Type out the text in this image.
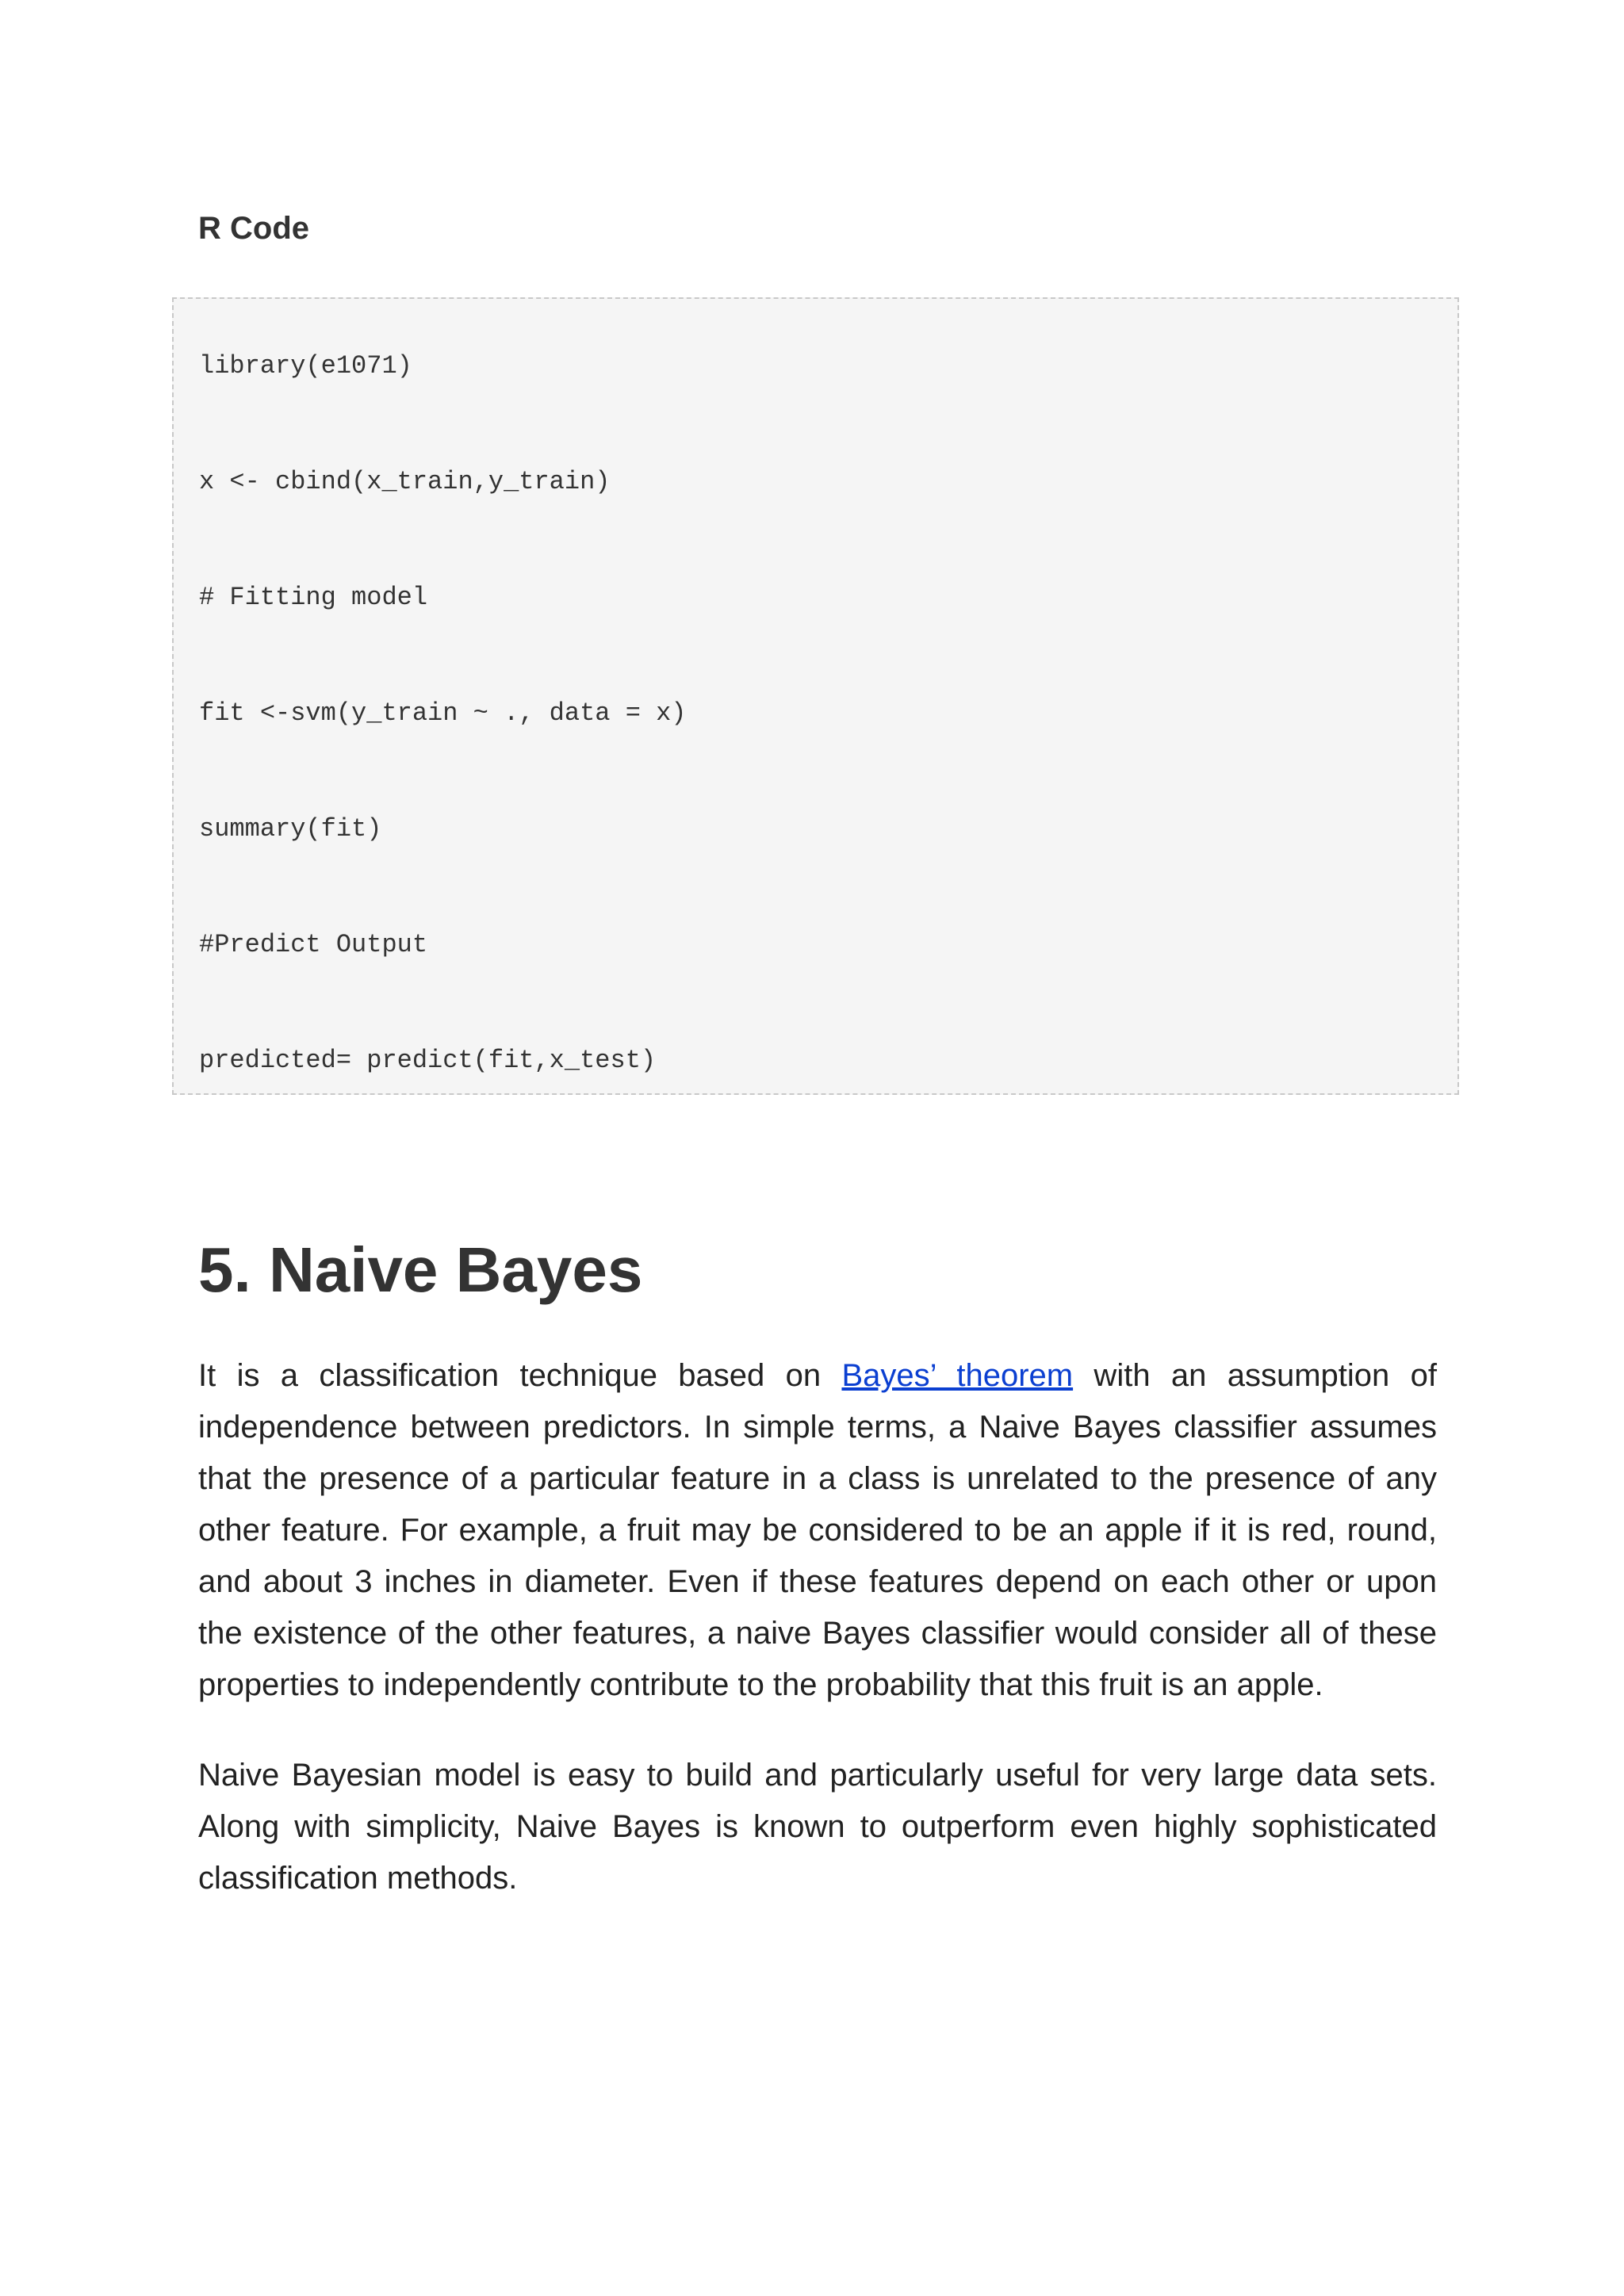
R Code
library(e1071)
x <- cbind(x_train,y_train)
# Fitting model
fit <-svm(y_train ~ ., data = x)
summary(fit)
#Predict Output
predicted= predict(fit,x_test)
5. Naive Bayes

It is a classification technique based on Bayes’ theorem with an assumption of independence between predictors. In simple terms, a Naive Bayes classifier assumes that the presence of a particular feature in a class is unrelated to the presence of any other feature. For example, a fruit may be considered to be an apple if it is red, round, and about 3 inches in diameter. Even if these features depend on each other or upon the existence of the other features, a naive Bayes classifier would consider all of these properties to independently contribute to the probability that this fruit is an apple.

Naive Bayesian model is easy to build and particularly useful for very large data sets. Along with simplicity, Naive Bayes is known to outperform even highly sophisticated classification methods.
